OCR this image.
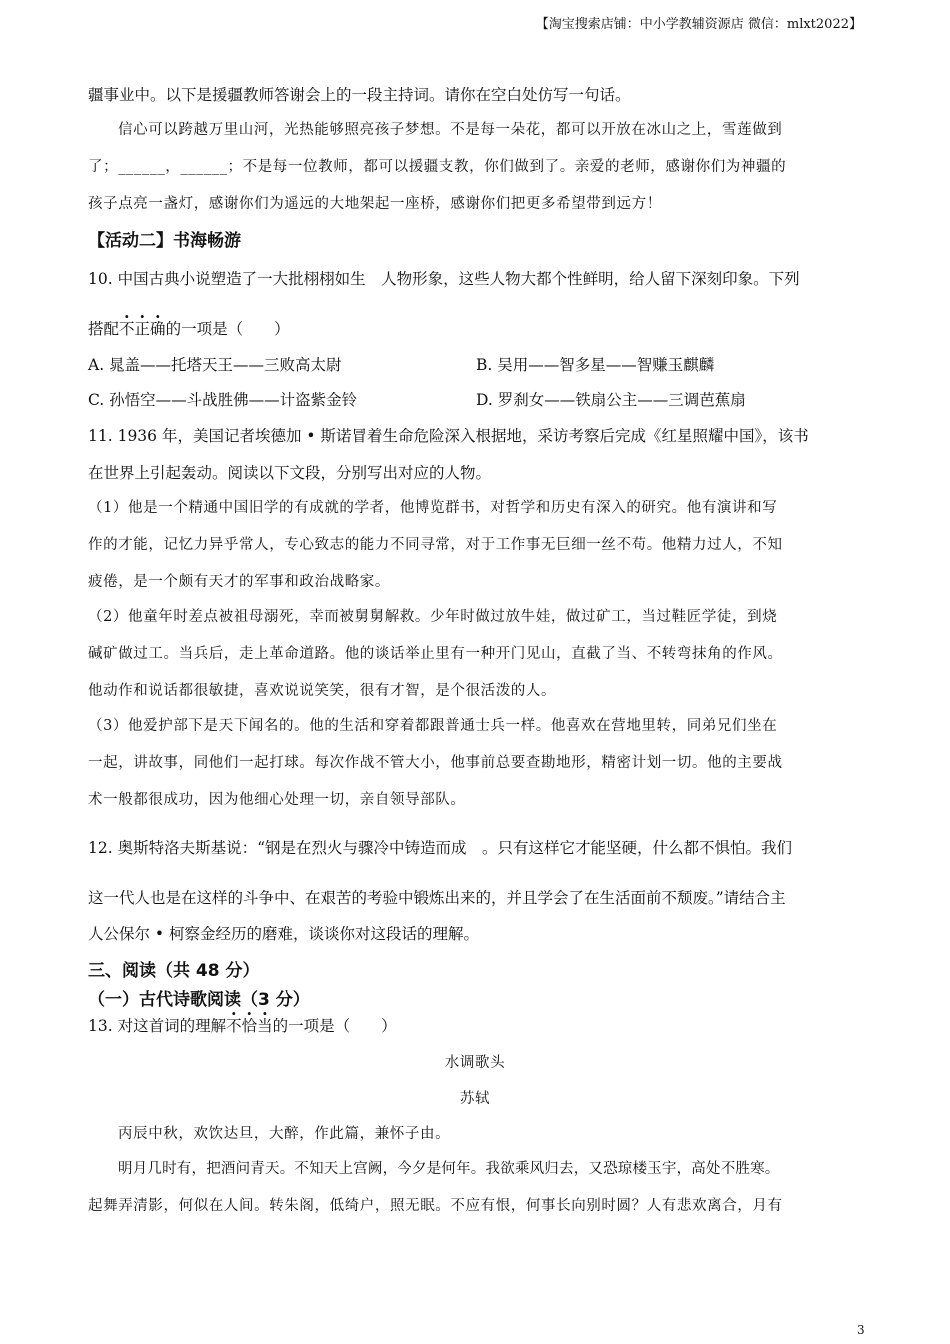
【淘宝搜索店铺：中小学教辅资源店 微信：mlxt2022】
疆事业中。以下是援疆教师答谢会上的一段主持词。请你在空白处仿写一句话。
信心可以跨越万里山河，光热能够照亮孩子梦想。不是每一朵花，都可以开放在冰山之上，雪莲做到
了；______，______；不是每一位教师，都可以援疆支教，你们做到了。亲爱的老师，感谢你们为神疆的
孩子点亮一盏灯，感谢你们为遥远的大地架起一座桥，感谢你们把更多希望带到远方！
【活动二】书海畅游
10. 中国古典小说塑造了一大批栩栩如生　人物形象，这些人物大都个性鲜明，给人留下深刻印象。下列
搭配不正确的一项是（　　）
A. 晁盖——托塔天王——三败高太尉	B. 吴用——智多星——智赚玉麒麟
C. 孙悟空——斗战胜佛——计盗紫金铃	D. 罗刹女——铁扇公主——三调芭蕉扇
11. 1936 年，美国记者埃德加 • 斯诺冒着生命危险深入根据地，采访考察后完成《红星照耀中国》，该书
在世界上引起轰动。阅读以下文段，分别写出对应的人物。
（1）他是一个精通中国旧学的有成就的学者，他博览群书，对哲学和历史有深入的研究。他有演讲和写
作的才能，记忆力异乎常人，专心致志的能力不同寻常，对于工作事无巨细一丝不苟。他精力过人，不知
疲倦，是一个颇有天才的军事和政治战略家。
（2）他童年时差点被祖母溺死，幸而被舅舅解救。少年时做过放牛娃，做过矿工，当过鞋匠学徒，到烧
碱矿做过工。当兵后，走上革命道路。他的谈话举止里有一种开门见山，直截了当、不转弯抹角的作风。
他动作和说话都很敏捷，喜欢说说笑笑，很有才智，是个很活泼的人。
（3）他爱护部下是天下闻名的。他的生活和穿着都跟普通士兵一样。他喜欢在营地里转，同弟兄们坐在
一起，讲故事，同他们一起打球。每次作战不管大小，他事前总要查勘地形，精密计划一切。他的主要战
术一般都很成功，因为他细心处理一切，亲自领导部队。
12. 奥斯特洛夫斯基说：“钢是在烈火与骤冷中铸造而成　。只有这样它才能坚硬，什么都不惧怕。我们
这一代人也是在这样的斗争中、在艰苦的考验中锻炼出来的，并且学会了在生活面前不颓废。”请结合主
人公保尔 • 柯察金经历的磨难，谈谈你对这段话的理解。
三、阅读（共 48 分）
（一）古代诗歌阅读（3 分）
13. 对这首词的理解不恰当的一项是（　　）
水调歌头
苏轼
丙辰中秋，欢饮达旦，大醉，作此篇，兼怀子由。
明月几时有，把酒问青天。不知天上宫阙，今夕是何年。我欲乘风归去，又恐琼楼玉宇，高处不胜寒。
起舞弄清影，何似在人间。转朱阁，低绮户，照无眠。不应有恨，何事长向别时圆？人有悲欢离合，月有
3
